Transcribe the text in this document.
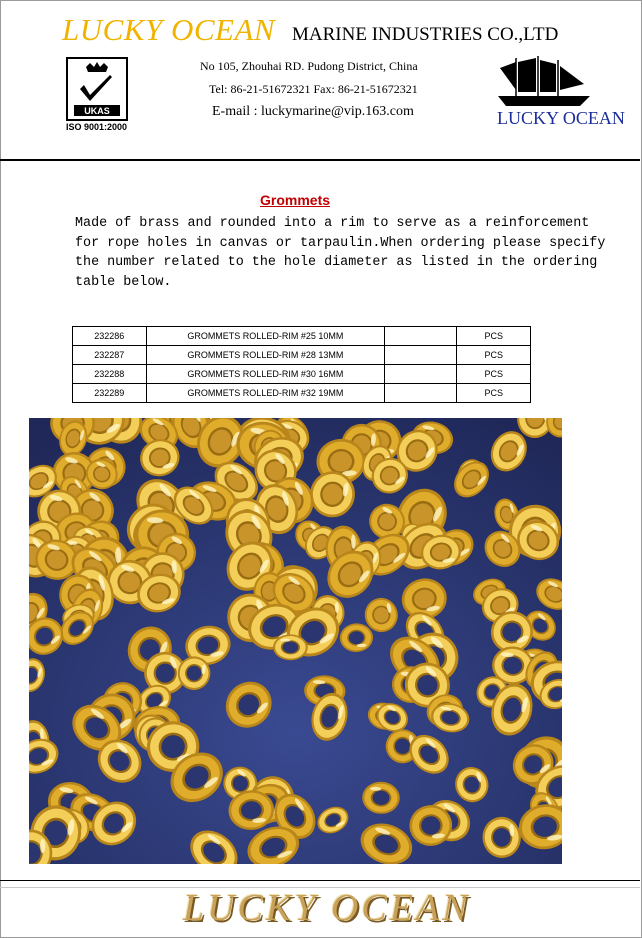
LUCKY OCEAN MARINE INDUSTRIES CO.,LTD
UKAS
ISO 9001:2000
No 105, Zhouhai RD. Pudong District, China
Tel: 86-21-51672321 Fax: 86-21-51672321
E-mail : luckymarine@vip.163.com	LUCKY OCEAN
Grommets
Made of brass and rounded into a rim to serve as a reinforcement
for rope holes in canvas or tarpaulin.When ordering please specify
the number related to the hole diameter as listed in the ordering
table below.
232286	GROMMETS ROLLED-RIM #25 10MM		PCS
232287	GROMMETS ROLLED-RIM #28 13MM		PCS
232288	GROMMETS ROLLED-RIM #30 16MM		PCS
232289	GROMMETS ROLLED-RIM #32 19MM		PCS
LUCKY OCEAN
